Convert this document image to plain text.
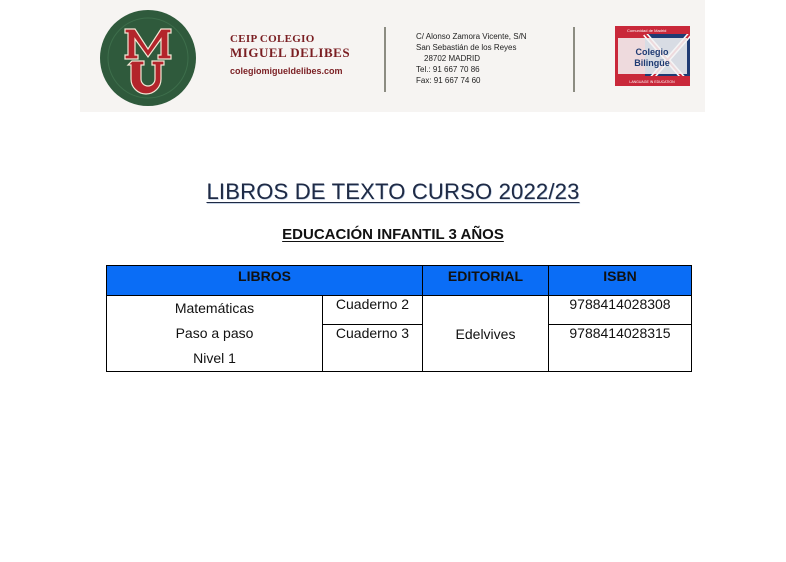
MU
CEIP COLEGIO
MIGUEL DELIBES
colegiomigueldelibes.com
C/ Alonso Zamora Vicente, S/N
San Sebastián de los Reyes
28702 MADRID
Tel.: 91 667 70 86
Fax: 91 667 74 60
Comunidad de Madrid
Colegio
Bilingüe
LANGUAGE IN EDUCATION
LIBROS DE TEXTO CURSO 2022/23
EDUCACIÓN INFANTIL 3 AÑOS
LIBROS		EDITORIAL	ISBN

Matemáticas
Paso a paso
Nivel 1	Cuaderno 2	Edelvives	9788414028308
	Cuaderno 3		9788414028315
